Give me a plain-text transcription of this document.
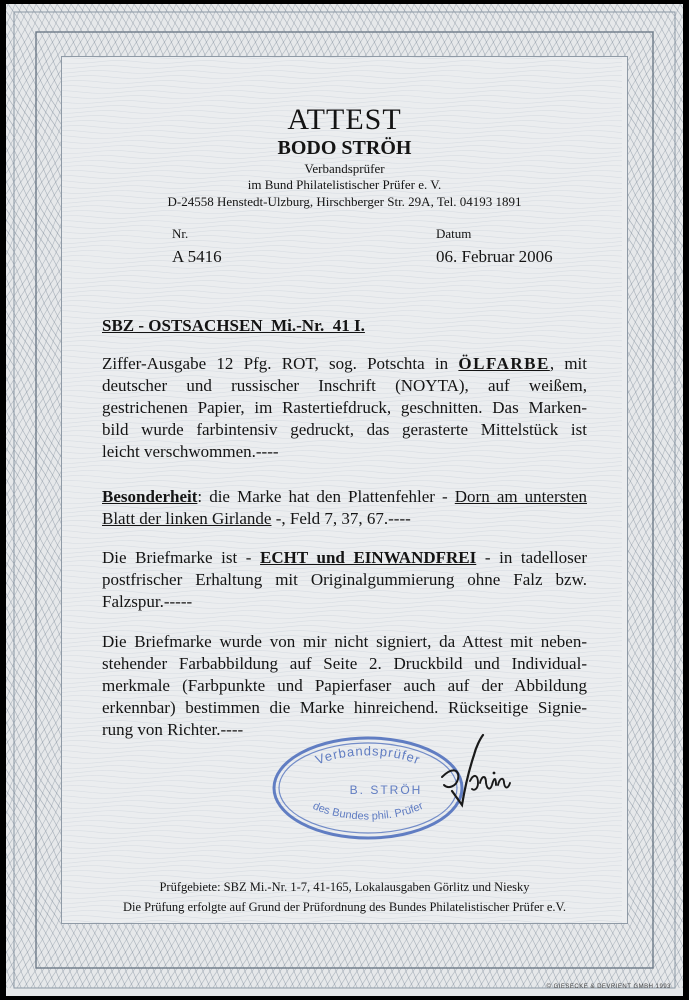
ATTEST
BODO STRÖH
Verbandsprüfer
im Bund Philatelistischer Prüfer e. V.
D-24558 Henstedt-Ulzburg, Hirschberger Str. 29A, Tel. 04193 1891
Nr.
A 5416
Datum
06. Februar 2006
SBZ - OSTSACHSEN  Mi.-Nr.  41 I.
Ziffer-Ausgabe 12 Pfg. ROT, sog. Potschta in ÖLFARBE, mit
deutscher und russischer Inschrift (NOYTA), auf weißem,
gestrichenen Papier, im Rastertiefdruck, geschnitten. Das Marken-
bild wurde farbintensiv gedruckt, das gerasterte Mittelstück ist
leicht verschwommen.----
Besonderheit: die Marke hat den Plattenfehler - Dorn am untersten
Blatt der linken Girlande -, Feld 7, 37, 67.----
Die Briefmarke ist - ECHT und EINWANDFREI - in tadelloser
postfrischer Erhaltung mit Originalgummierung ohne Falz bzw.
Falzspur.-----
Die Briefmarke wurde von mir nicht signiert, da Attest mit neben-
stehender Farbabbildung auf Seite 2. Druckbild und Individual-
merkmale (Farbpunkte und Papierfaser auch auf der Abbildung
erkennbar) bestimmen die Marke hinreichend. Rückseitige Signie-
rung von Richter.----
Verbandsprüfer
B. STRÖH
des Bundes phil. Prüfer
Prüfgebiete: SBZ Mi.-Nr. 1-7, 41-165, Lokalausgaben Görlitz und Niesky
Die Prüfung erfolgte auf Grund der Prüfordnung des Bundes Philatelistischer Prüfer e.V.
© GIESECKE & DEVRIENT GMBH 1993
